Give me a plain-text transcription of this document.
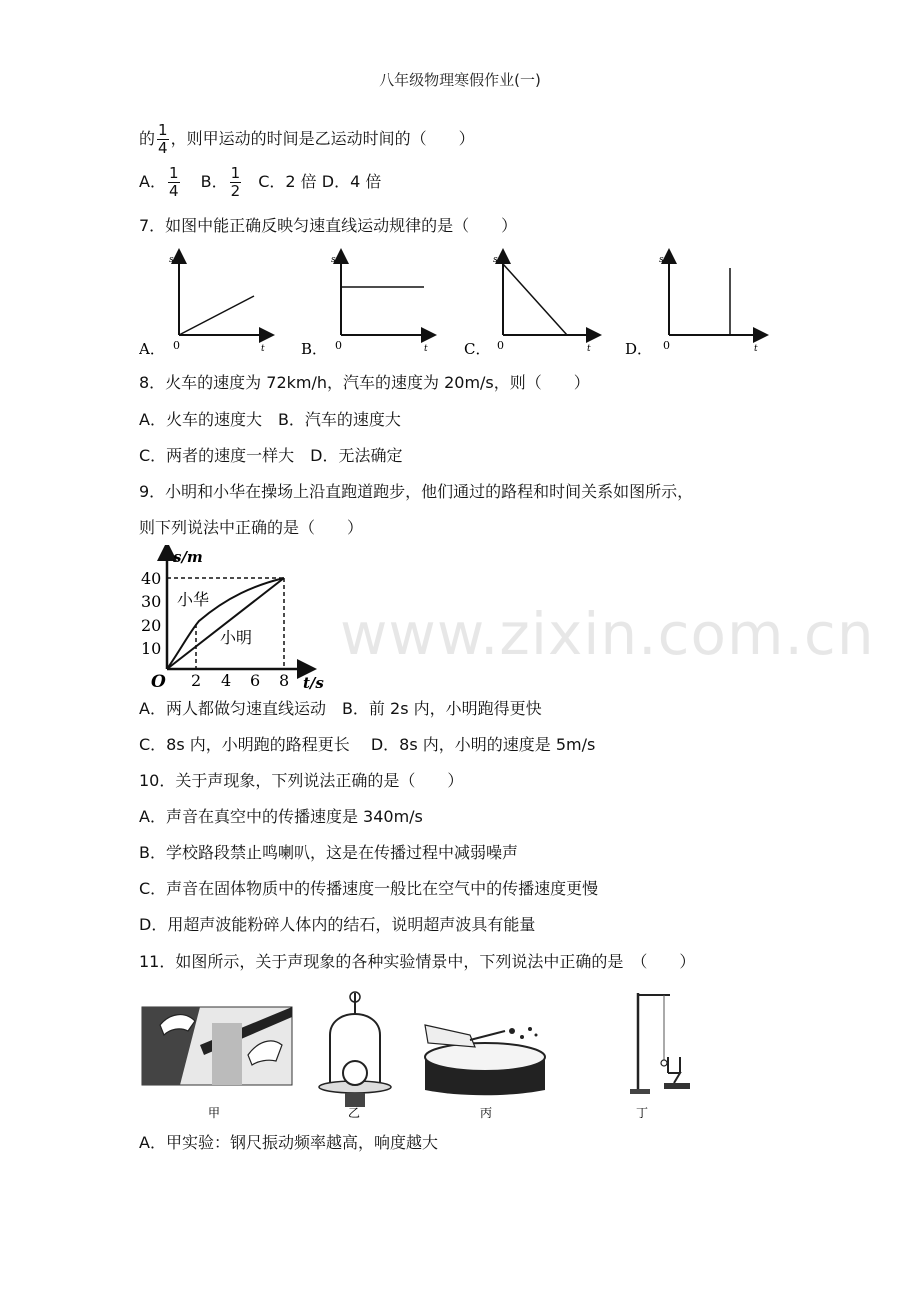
八年级物理寒假作业(一)
的 $\frac{1}{4}$ ，则甲运动的时间是乙运动时间的（　　）
A． $\frac{1}{4}$ B． $\frac{1}{2}$ C．2 倍 D．4 倍
7．如图中能正确反映匀速直线运动规律的是（　　）
s
t
0
A．
s
t
0
B．
s
t
0
C．
s
t
0
D．
8．火车的速度为 72km/h，汽车的速度为 20m/s，则（　　）
A．火车的速度大　B．汽车的速度大
C．两者的速度一样大　D．无法确定
9．小明和小华在操场上沿直跑道跑步，他们通过的路程和时间关系如图所示，
则下列说法中正确的是（　　）
10
20
30
40
2 4 6 8
O
s/m
t/s
小华
小明
A．两人都做匀速直线运动　B．前 2s 内，小明跑得更快
C．8s 内，小明跑的路程更长　 D．8s 内，小明的速度是 5m/s
10．关于声现象，下列说法正确的是（　　）
A．声音在真空中的传播速度是 340m/s
B．学校路段禁止鸣喇叭，这是在传播过程中减弱噪声
C．声音在固体物质中的传播速度一般比在空气中的传播速度更慢
D．用超声波能粉碎人体内的结石，说明超声波具有能量
11．如图所示，关于声现象的各种实验情景中，下列说法中正确的是　（　　）
甲	乙	丙	丁
A．甲实验：钢尺振动频率越高，响度越大
www.zixin.com.cn
